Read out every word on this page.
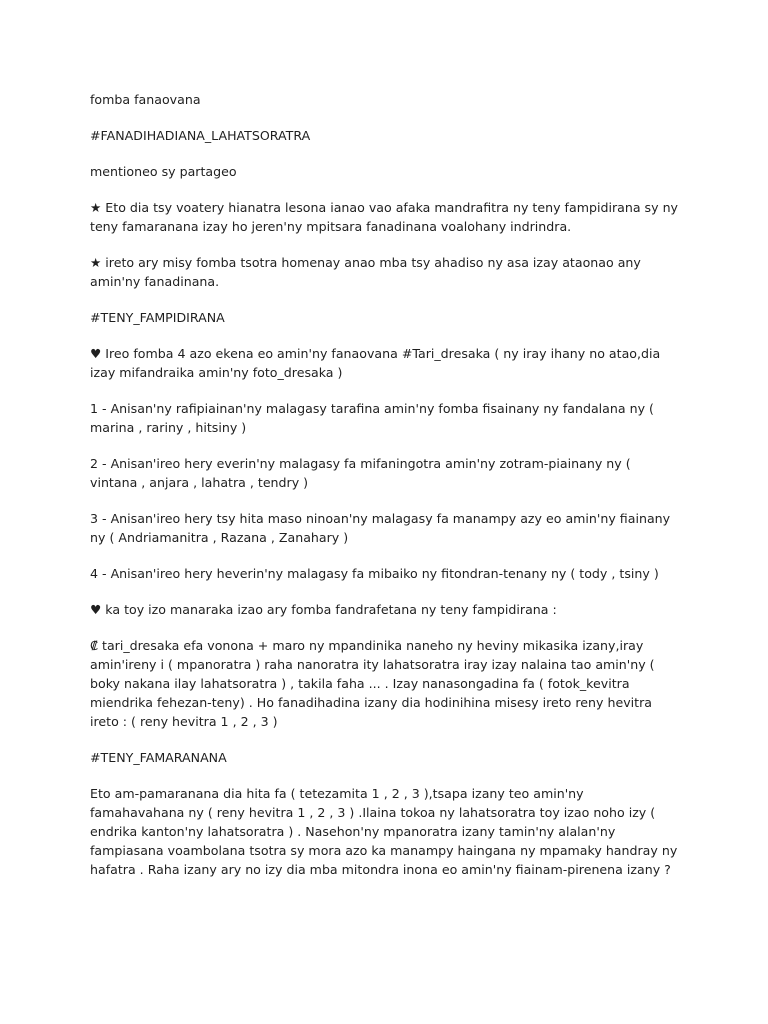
fomba fanaovana

#FANADIHADIANA_LAHATSORATRA

mentioneo sy partageo

★ Eto dia tsy voatery hianatra lesona ianao vao afaka mandrafitra ny teny fampidirana sy ny teny famaranana izay ho jeren'ny mpitsara fanadinana voalohany indrindra.

★ ireto ary misy fomba tsotra homenay anao mba tsy ahadiso ny asa izay ataonao any amin'ny fanadinana.

#TENY_FAMPIDIRANA

♥ Ireo fomba 4 azo ekena eo amin'ny fanaovana #Tari_dresaka ( ny iray ihany no atao,dia izay mifandraika amin'ny foto_dresaka )

1 - Anisan'ny rafipiainan'ny malagasy tarafina amin'ny fomba fisainany ny fandalana ny ( marina , rariny , hitsiny )

2 - Anisan'ireo hery everin'ny malagasy fa mifaningotra amin'ny zotram-piainany ny ( vintana , anjara , lahatra , tendry )

3 - Anisan'ireo hery tsy hita maso ninoan'ny malagasy fa manampy azy eo amin'ny fiainany ny ( Andriamanitra , Razana , Zanahary )

4 - Anisan'ireo hery heverin'ny malagasy fa mibaiko ny fitondran-tenany ny ( tody , tsiny )

♥ ka toy izo manaraka izao ary fomba fandrafetana ny teny fampidirana :

₡ tari_dresaka efa vonona + maro ny mpandinika naneho ny heviny mikasika izany,iray amin'ireny i ( mpanoratra ) raha nanoratra ity lahatsoratra iray izay nalaina tao amin'ny ( boky nakana ilay lahatsoratra ) , takila faha ... . Izay nanasongadina fa ( fotok_kevitra miendrika fehezan-teny) . Ho fanadihadina izany dia hodinihina misesy ireto reny hevitra ireto : ( reny hevitra 1 , 2 , 3 )

#TENY_FAMARANANA

Eto am-pamaranana dia hita fa ( tetezamita 1 , 2 , 3 ),tsapa izany teo amin'ny famahavahana ny ( reny hevitra 1 , 2 , 3 ) .Ilaina tokoa ny lahatsoratra toy izao noho izy ( endrika kanton'ny lahatsoratra ) . Nasehon'ny mpanoratra izany tamin'ny alalan'ny fampiasana voambolana tsotra sy mora azo ka manampy haingana ny mpamaky handray ny hafatra . Raha izany ary no izy dia mba mitondra inona eo amin'ny fiainam-pirenena izany ?
